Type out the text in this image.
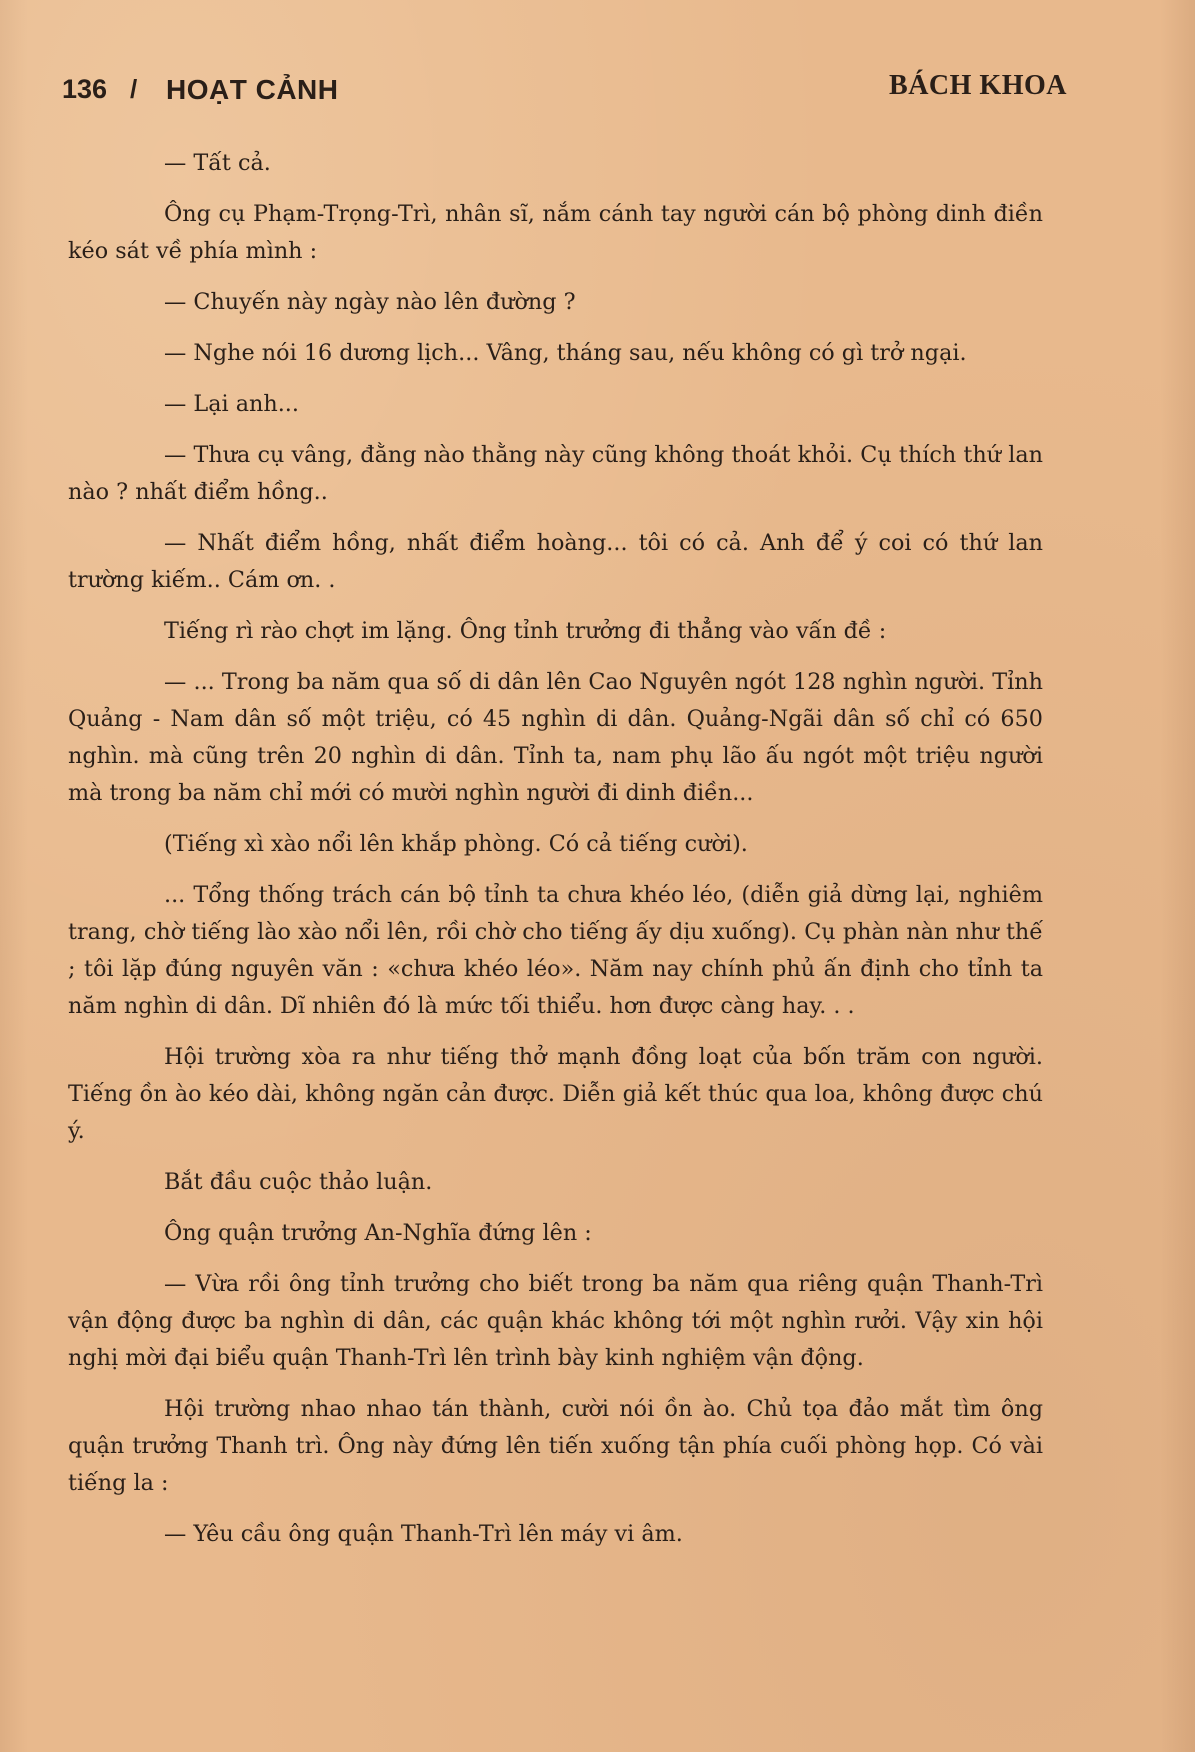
136 / HOẠT CẢNH	BÁCH KHOA

— Tất cả.

Ông cụ Phạm-Trọng-Trì, nhân sĩ, nắm cánh tay người cán bộ phòng dinh điền kéo sát về phía mình :

— Chuyến này ngày nào lên đường ?

— Nghe nói 16 dương lịch... Vâng, tháng sau, nếu không có gì trở ngại.

— Lại anh...

— Thưa cụ vâng, đằng nào thằng này cũng không thoát khỏi. Cụ thích thứ lan nào ? nhất điểm hồng..

— Nhất điểm hồng, nhất điểm hoàng... tôi có cả. Anh để ý coi có thứ lan trường kiếm.. Cám ơn. .

Tiếng rì rào chợt im lặng. Ông tỉnh trưởng đi thẳng vào vấn đề :

— ... Trong ba năm qua số di dân lên Cao Nguyên ngót 128 nghìn người. Tỉnh Quảng - Nam dân số một triệu, có 45 nghìn di dân. Quảng-Ngãi dân số chỉ có 650 nghìn. mà cũng trên 20 nghìn di dân. Tỉnh ta, nam phụ lão ấu ngót một triệu người mà trong ba năm chỉ mới có mười nghìn người đi dinh điền...

(Tiếng xì xào nổi lên khắp phòng. Có cả tiếng cười).

... Tổng thống trách cán bộ tỉnh ta chưa khéo léo, (diễn giả dừng lại, nghiêm trang, chờ tiếng lào xào nổi lên, rồi chờ cho tiếng ấy dịu xuống). Cụ phàn nàn như thế ; tôi lặp đúng nguyên văn : «chưa khéo léo». Năm nay chính phủ ấn định cho tỉnh ta năm nghìn di dân. Dĩ nhiên đó là mức tối thiểu. hơn được càng hay. . .

Hội trường xòa ra như tiếng thở mạnh đồng loạt của bốn trăm con người. Tiếng ồn ào kéo dài, không ngăn cản được. Diễn giả kết thúc qua loa, không được chú ý.

Bắt đầu cuộc thảo luận.

Ông quận trưởng An-Nghĩa đứng lên :

— Vừa rồi ông tỉnh trưởng cho biết trong ba năm qua riêng quận Thanh-Trì vận động được ba nghìn di dân, các quận khác không tới một nghìn rưởi. Vậy xin hội nghị mời đại biểu quận Thanh-Trì lên trình bày kinh nghiệm vận động.

Hội trường nhao nhao tán thành, cười nói ồn ào. Chủ tọa đảo mắt tìm ông quận trưởng Thanh trì. Ông này đứng lên tiến xuống tận phía cuối phòng họp. Có vài tiếng la :

— Yêu cầu ông quận Thanh-Trì lên máy vi âm.
